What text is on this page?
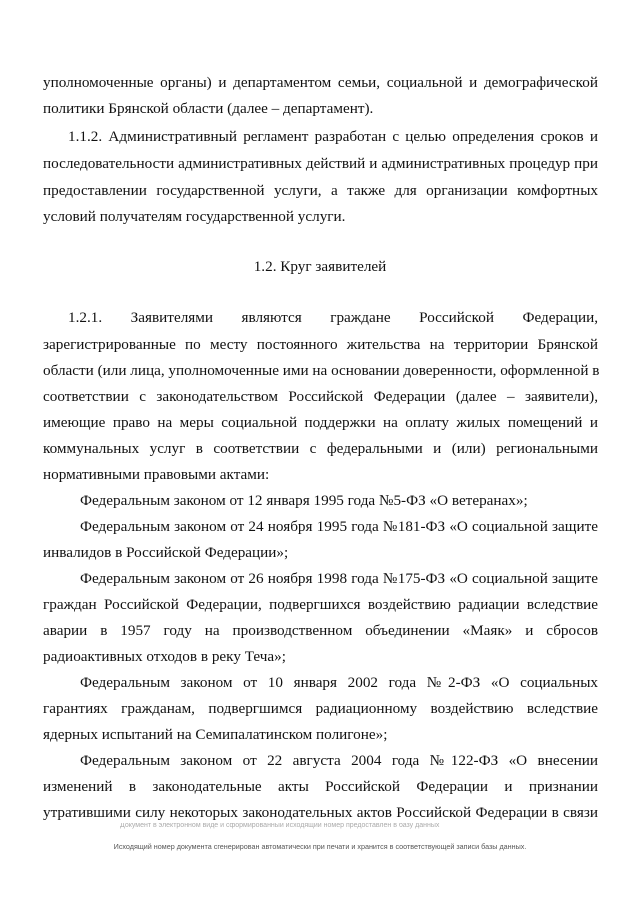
уполномоченные органы) и департаментом семьи, социальной и демографической
политики Брянской области (далее – департамент).
1.1.2. Административный регламент разработан с целью определения сроков и
последовательности административных действий и административных процедур при
предоставлении государственной услуги, а также для организации комфортных
условий получателям государственной услуги.
1.2. Круг заявителей
1.2.1. Заявителями являются граждане Российской Федерации,
зарегистрированные по месту постоянного жительства на территории Брянской
области (или лица, уполномоченные ими на основании доверенности, оформленной в
соответствии с законодательством Российской Федерации (далее – заявители),
имеющие право на меры социальной поддержки на оплату жилых помещений и
коммунальных услуг в соответствии с федеральными и (или) региональными
нормативными правовыми актами:
Федеральным законом от 12 января 1995 года №5-ФЗ «О ветеранах»;
Федеральным законом от 24 ноября 1995 года №181-ФЗ «О социальной защите
инвалидов в Российской Федерации»;
Федеральным законом от 26 ноября 1998 года №175-ФЗ «О социальной защите
граждан Российской Федерации, подвергшихся воздействию радиации вследствие
аварии в 1957 году на производственном объединении «Маяк» и сбросов
радиоактивных отходов в реку Теча»;
Федеральным законом от 10 января 2002 года №2-ФЗ «О социальных
гарантиях гражданам, подвергшимся радиационному воздействию вследствие
ядерных испытаний на Семипалатинском полигоне»;
Федеральным законом от 22 августа 2004 года №122-ФЗ «О внесении
изменений в законодательные акты Российской Федерации и признании
утратившими силу некоторых законодательных актов Российской Федерации в связи
Документ в электронном виде и сформированный исходящий номер предоставлен в базу данных
Исходящий номер документа сгенерирован автоматически при печати и хранится в соответствующей записи базы данных.
